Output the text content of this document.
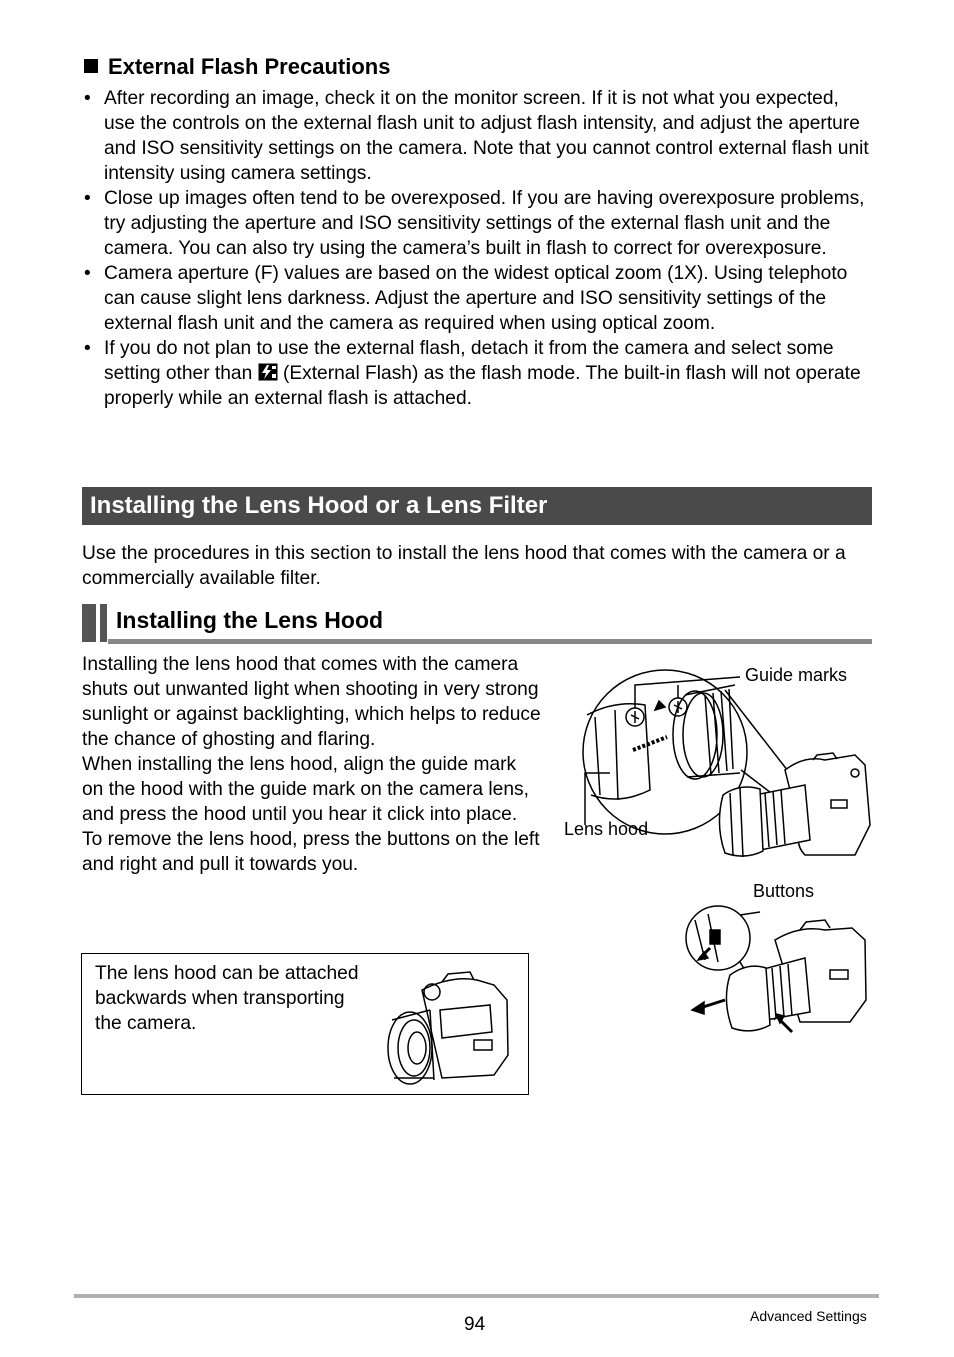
External Flash Precautions
• After recording an image, check it on the monitor screen. If it is not what you expected, use the controls on the external flash unit to adjust flash intensity, and adjust the aperture and ISO sensitivity settings on the camera. Note that you cannot control external flash unit intensity using camera settings.
• Close up images often tend to be overexposed. If you are having overexposure problems, try adjusting the aperture and ISO sensitivity settings of the external flash unit and the camera. You can also try using the camera’s built in flash to correct for overexposure.
• Camera aperture (F) values are based on the widest optical zoom (1X). Using telephoto can cause slight lens darkness. Adjust the aperture and ISO sensitivity settings of the external flash unit and the camera as required when using optical zoom.
• If you do not plan to use the external flash, detach it from the camera and select some setting other than  (External Flash) as the flash mode. The built-in flash will not operate properly while an external flash is attached.
Installing the Lens Hood or a Lens Filter
Use the procedures in this section to install the lens hood that comes with the camera or a commercially available filter.
Installing the Lens Hood
Installing the lens hood that comes with the camera shuts out unwanted light when shooting in very strong sunlight or against backlighting, which helps to reduce the chance of ghosting and flaring.
When installing the lens hood, align the guide mark on the hood with the guide mark on the camera lens, and press the hood until you hear it click into place.
To remove the lens hood, press the buttons on the left and right and pull it towards you.
Guide marks
Lens hood
Buttons
The lens hood can be attached backwards when transporting the camera.
94	Advanced Settings
